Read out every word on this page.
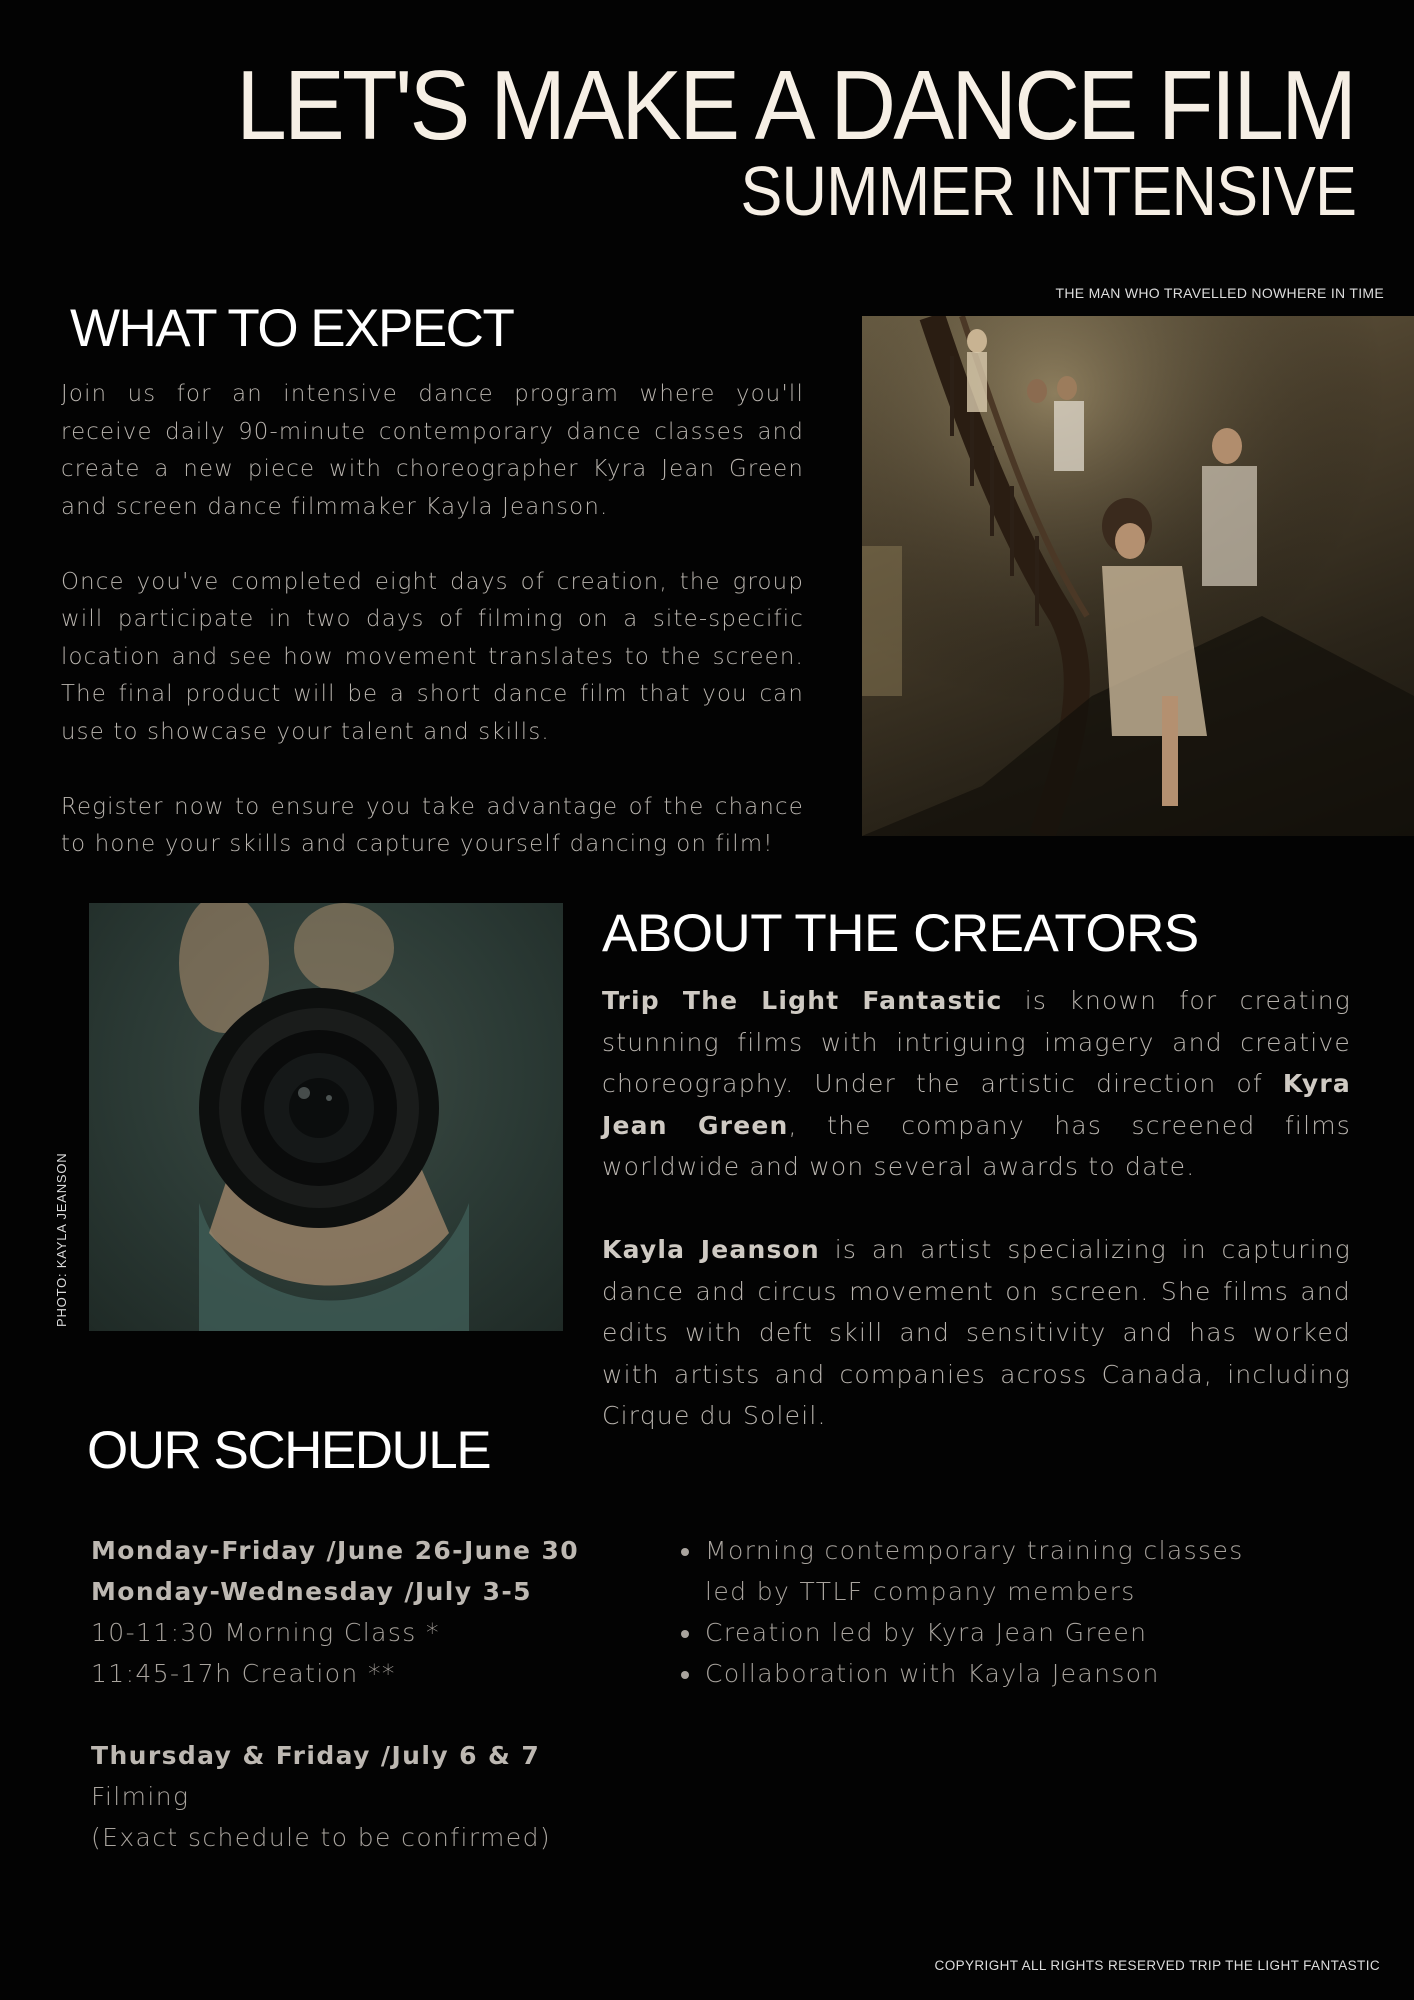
LET'S MAKE A DANCE FILM
SUMMER INTENSIVE
THE MAN WHO TRAVELLED NOWHERE IN TIME
WHAT TO EXPECT

Join us for an intensive dance program where you'll receive daily 90-minute contemporary dance classes and create a new piece with choreographer Kyra Jean Green and screen dance filmmaker Kayla Jeanson.

Once you've completed eight days of creation, the group will participate in two days of filming on a site-specific location and see how movement translates to the screen. The final product will be a short dance film that you can use to showcase your talent and skills.

Register now to ensure you take advantage of the chance to hone your skills and capture yourself dancing on film!

PHOTO: KAYLA JEANSON
ABOUT THE CREATORS

Trip The Light Fantastic is known for creating stunning films with intriguing imagery and creative choreography. Under the artistic direction of Kyra Jean Green, the company has screened films worldwide and won several awards to date.

Kayla Jeanson is an artist specializing in capturing dance and circus movement on screen. She films and edits with deft skill and sensitivity and has worked with artists and companies across Canada, including Cirque du Soleil.

OUR SCHEDULE
Monday-Friday /June 26-June 30
Monday-Wednesday /July 3-5
10-11:30 Morning Class *
11:45-17h Creation **
Thursday & Friday /July 6 & 7
Filming
(Exact schedule to be confirmed)
• Morning contemporary training classes led by TTLF company members
• Creation led by Kyra Jean Green
• Collaboration with Kayla Jeanson
COPYRIGHT ALL RIGHTS RESERVED TRIP THE LIGHT FANTASTIC
